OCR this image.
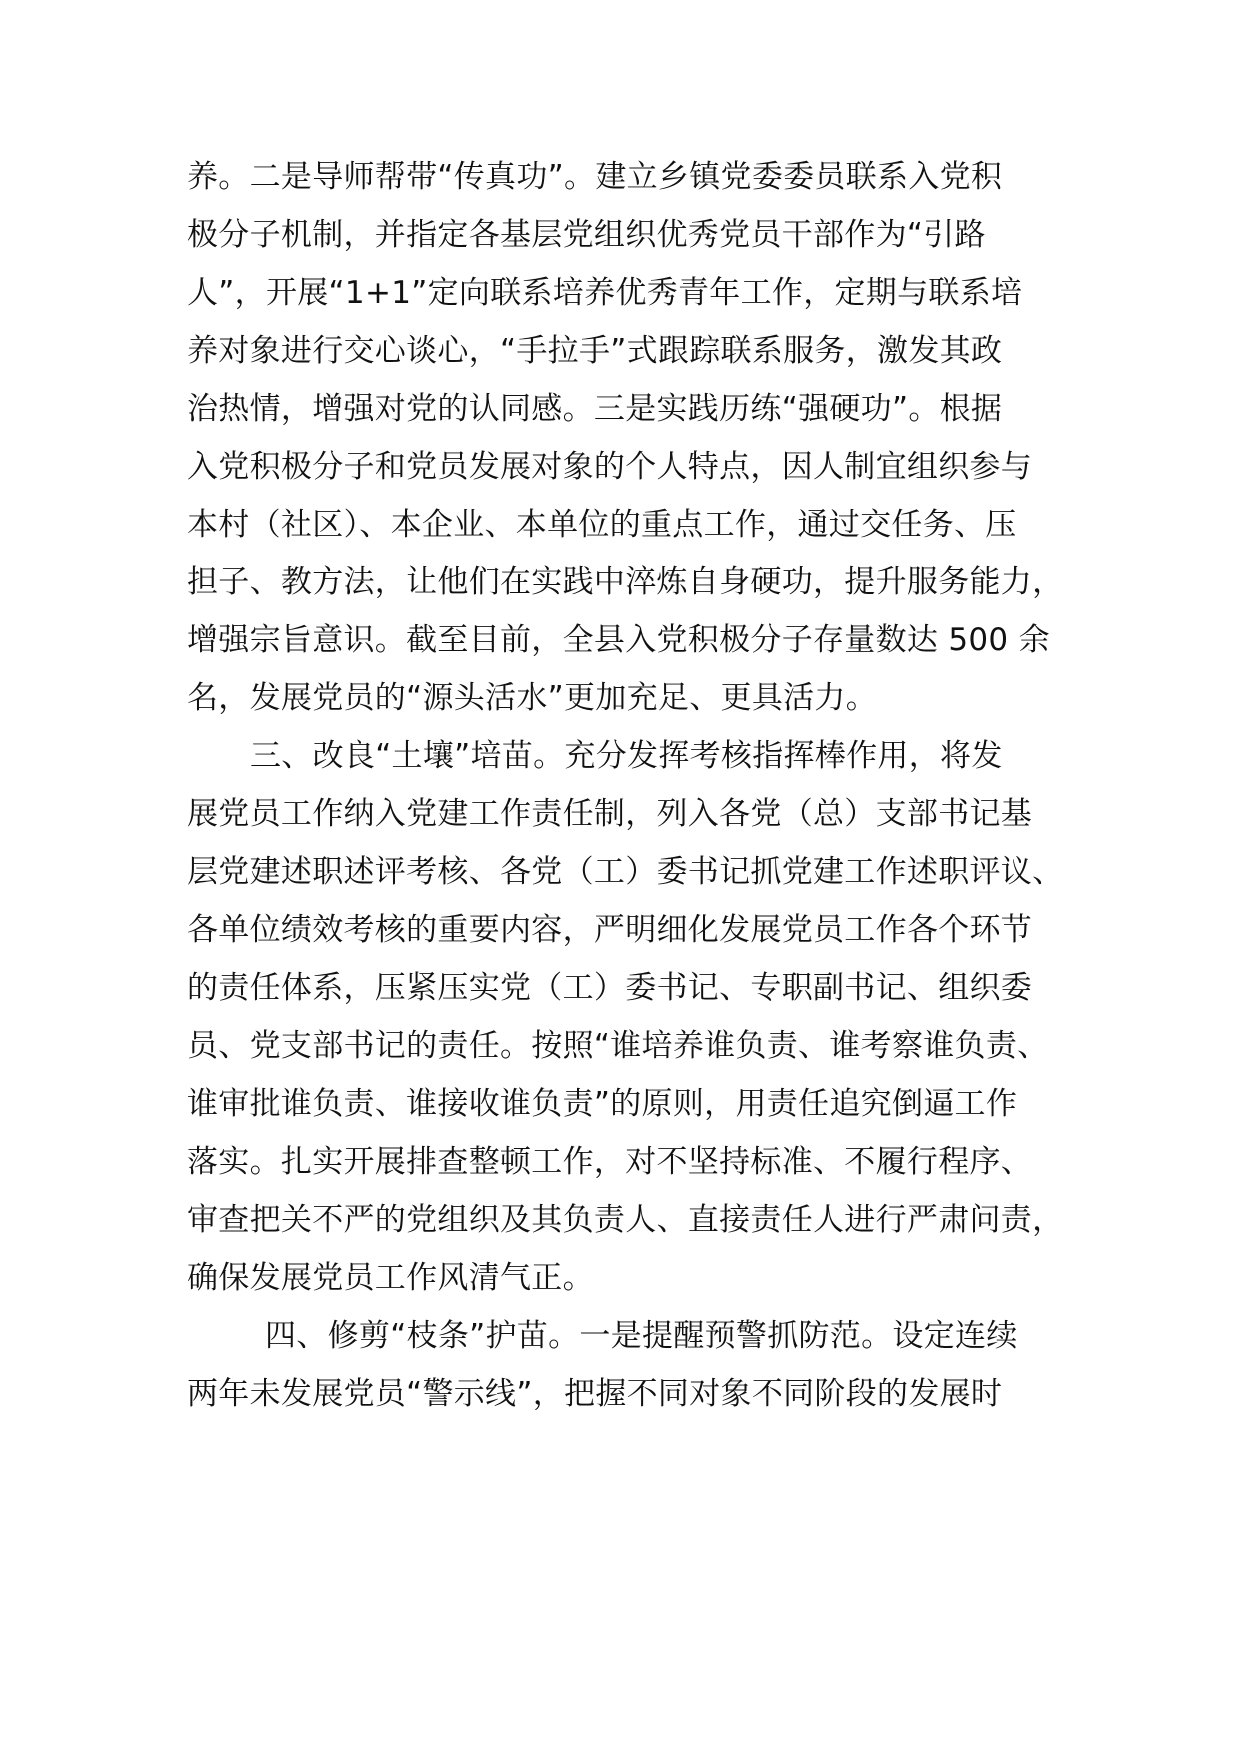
养。二是导师帮带“传真功”。建立乡镇党委委员联系入党积
极分子机制，并指定各基层党组织优秀党员干部作为“引路
人”，开展“1+1”定向联系培养优秀青年工作，定期与联系培
养对象进行交心谈心，“手拉手”式跟踪联系服务，激发其政
治热情，增强对党的认同感。三是实践历练“强硬功”。根据
入党积极分子和党员发展对象的个人特点，因人制宜组织参与
本村（社区）、本企业、本单位的重点工作，通过交任务、压
担子、教方法，让他们在实践中淬炼自身硬功，提升服务能力，
增强宗旨意识。截至目前，全县入党积极分子存量数达 500 余
名，发展党员的“源头活水”更加充足、更具活力。
三、改良“土壤”培苗。充分发挥考核指挥棒作用，将发
展党员工作纳入党建工作责任制，列入各党（总）支部书记基
层党建述职述评考核、各党（工）委书记抓党建工作述职评议、
各单位绩效考核的重要内容，严明细化发展党员工作各个环节
的责任体系，压紧压实党（工）委书记、专职副书记、组织委
员、党支部书记的责任。按照“谁培养谁负责、谁考察谁负责、
谁审批谁负责、谁接收谁负责”的原则，用责任追究倒逼工作
落实。扎实开展排查整顿工作，对不坚持标准、不履行程序、
审查把关不严的党组织及其负责人、直接责任人进行严肃问责，
确保发展党员工作风清气正。
四、修剪“枝条”护苗。一是提醒预警抓防范。设定连续
两年未发展党员“警示线”，把握不同对象不同阶段的发展时
